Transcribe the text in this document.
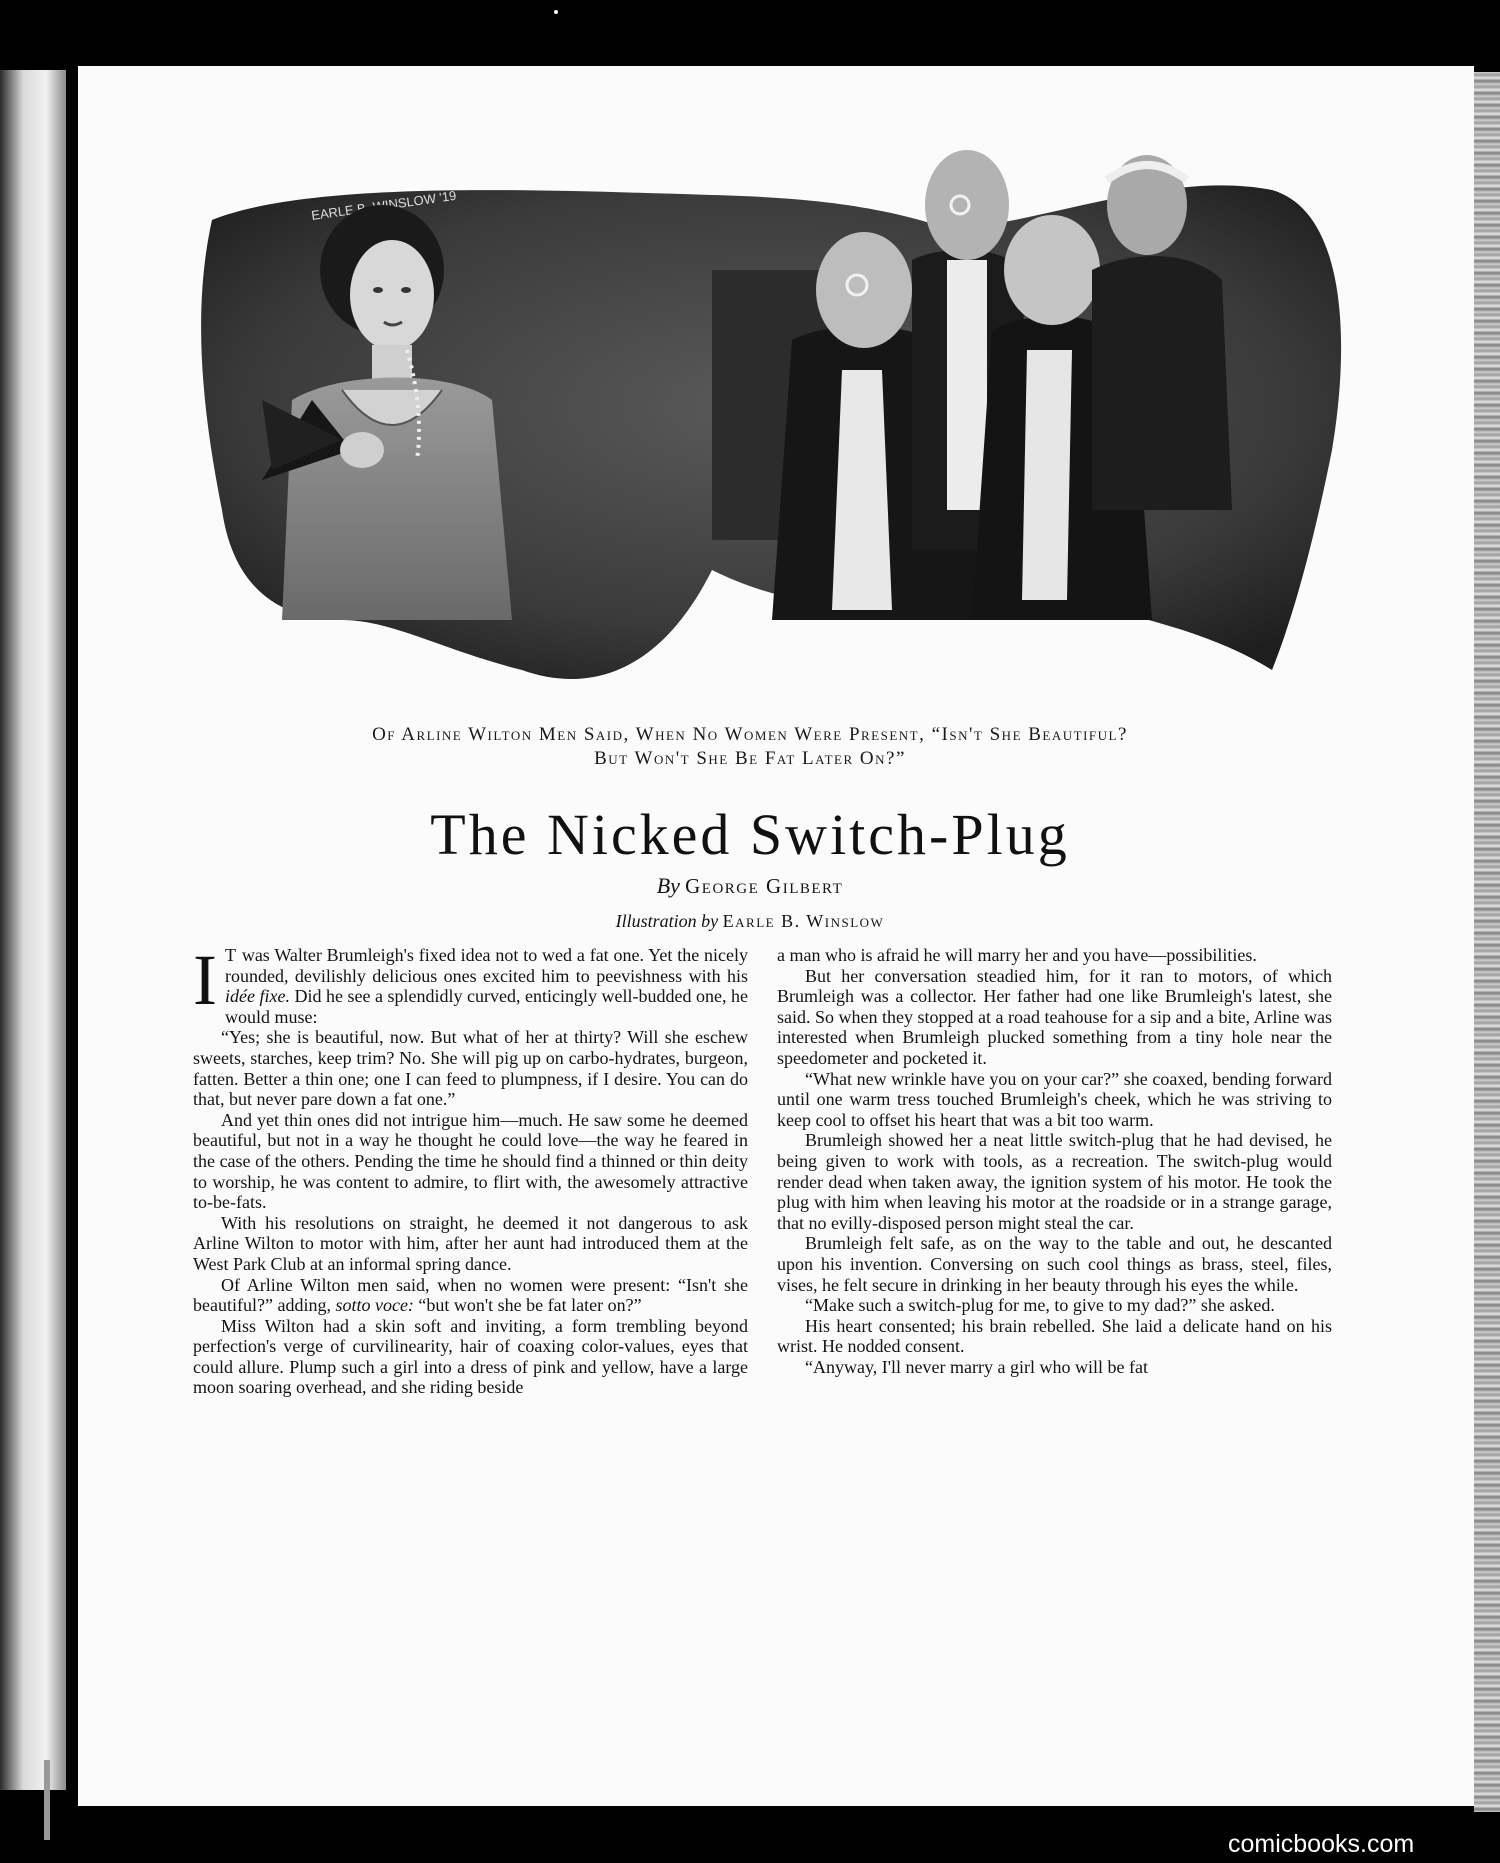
EARLE WINSLOW '19
Of Arline Wilton Men Said, When No Women Were Present, “Isn't She Beautiful?
But Won't She Be Fat Later On?”
The Nicked Switch-Plug
By George Gilbert
Illustration by Earle B. Winslow

I T was Walter Brumleigh's fixed idea not to wed a fat one. Yet the nicely rounded, devilishly delicious ones excited him to peevishness with his idée fixe. Did he see a splendidly curved, enticingly well-budded one, he would muse:

“Yes; she is beautiful, now. But what of her at thirty? Will she eschew sweets, starches, keep trim? No. She will pig up on carbo-hydrates, burgeon, fatten. Better a thin one; one I can feed to plumpness, if I desire. You can do that, but never pare down a fat one.”

And yet thin ones did not intrigue him—much. He saw some he deemed beautiful, but not in a way he thought he could love—the way he feared in the case of the others. Pending the time he should find a thinned or thin deity to worship, he was content to admire, to flirt with, the awesomely attractive to-be-fats.

With his resolutions on straight, he deemed it not dangerous to ask Arline Wilton to motor with him, after her aunt had introduced them at the West Park Club at an informal spring dance.

Of Arline Wilton men said, when no women were present: “Isn't she beautiful?” adding, sotto voce: “but won't she be fat later on?”

Miss Wilton had a skin soft and inviting, a form trembling beyond perfection's verge of curvilinearity, hair of coaxing color-values, eyes that could allure. Plump such a girl into a dress of pink and yellow, have a large moon soaring overhead, and she riding beside

a man who is afraid he will marry her and you have—possibilities.

But her conversation steadied him, for it ran to motors, of which Brumleigh was a collector. Her father had one like Brumleigh's latest, she said. So when they stopped at a road teahouse for a sip and a bite, Arline was interested when Brumleigh plucked something from a tiny hole near the speedometer and pocketed it.

“What new wrinkle have you on your car?” she coaxed, bending forward until one warm tress touched Brumleigh's cheek, which he was striving to keep cool to offset his heart that was a bit too warm.

Brumleigh showed her a neat little switch-plug that he had devised, he being given to work with tools, as a recreation. The switch-plug would render dead when taken away, the ignition system of his motor. He took the plug with him when leaving his motor at the roadside or in a strange garage, that no evilly-disposed person might steal the car.

Brumleigh felt safe, as on the way to the table and out, he descanted upon his invention. Conversing on such cool things as brass, steel, files, vises, he felt secure in drinking in her beauty through his eyes the while.

“Make such a switch-plug for me, to give to my dad?” she asked.

His heart consented; his brain rebelled. She laid a delicate hand on his wrist. He nodded consent.

“Anyway, I'll never marry a girl who will be fat

comicbooks.com
